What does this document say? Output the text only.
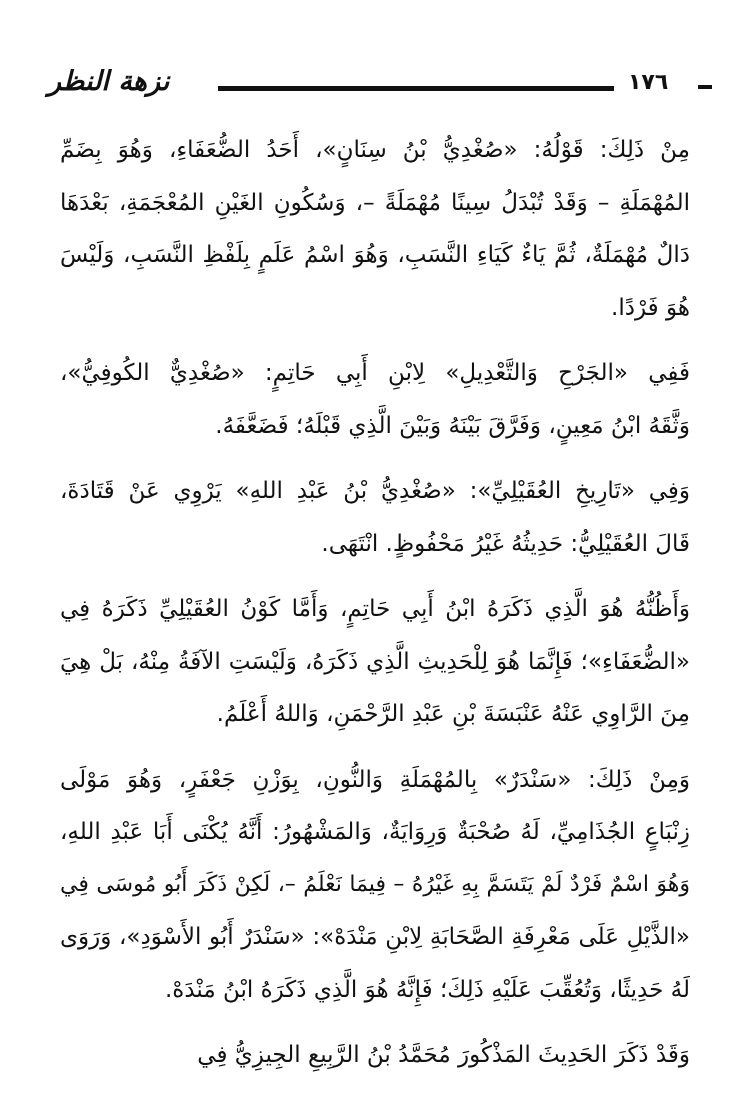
نزهة النظر	١٧٦
مِنْ ذَلِكَ: قَوْلُهُ: «صُغْدِيُّ بْنُ سِنَانٍ»، أَحَدُ الضُّعَفَاءِ، وَهُوَ بِضَمِّ
المُهْمَلَةِ – وَقَدْ تُبْدَلُ سِينًا مُهْمَلَةً –، وَسُكُونِ الغَيْنِ المُعْجَمَةِ، بَعْدَهَا
دَالٌ مُهْمَلَةٌ، ثُمَّ يَاءٌ كَيَاءِ النَّسَبِ، وَهُوَ اسْمُ عَلَمٍ بِلَفْظِ النَّسَبِ، وَلَيْسَ
هُوَ فَرْدًا.
فَفِي «الجَرْحِ وَالتَّعْدِيلِ» لِابْنِ أَبِي حَاتِمٍ: «صُغْدِيٌّ الكُوفِيُّ»،
وَثَّقَهُ ابْنُ مَعِينٍ، وَفَرَّقَ بَيْنَهُ وَبَيْنَ الَّذِي قَبْلَهُ؛ فَضَعَّفَهُ.
وَفِي «تَارِيخِ العُقَيْلِيِّ»: «صُغْدِيُّ بْنُ عَبْدِ اللهِ» يَرْوِي عَنْ قَتَادَةَ،
قَالَ العُقَيْلِيُّ: حَدِيثُهُ غَيْرُ مَحْفُوظٍ. انْتَهَى.
وَأَظُنُّهُ هُوَ الَّذِي ذَكَرَهُ ابْنُ أَبِي حَاتِمٍ، وَأَمَّا كَوْنُ العُقَيْلِيِّ ذَكَرَهُ فِي
«الضُّعَفَاءِ»؛ فَإِنَّمَا هُوَ لِلْحَدِيثِ الَّذِي ذَكَرَهُ، وَلَيْسَتِ الآفَةُ مِنْهُ، بَلْ هِيَ
مِنَ الرَّاوِي عَنْهُ عَنْبَسَةَ بْنِ عَبْدِ الرَّحْمَنِ، وَاللهُ أَعْلَمُ.
وَمِنْ ذَلِكَ: «سَنْدَرٌ» بِالمُهْمَلَةِ وَالنُّونِ، بِوَزْنِ جَعْفَرٍ، وَهُوَ مَوْلَى
زِنْبَاعٍ الجُذَامِيِّ، لَهُ صُحْبَةٌ وَرِوَايَةٌ، وَالمَشْهُورُ: أَنَّهُ يُكْنَى أَبَا عَبْدِ اللهِ،
وَهُوَ اسْمٌ فَرْدٌ لَمْ يَتَسَمَّ بِهِ غَيْرُهُ – فِيمَا نَعْلَمُ –، لَكِنْ ذَكَرَ أَبُو مُوسَى فِي
«الذَّيْلِ عَلَى مَعْرِفَةِ الصَّحَابَةِ لِابْنِ مَنْدَهْ»: «سَنْدَرٌ أَبُو الأَسْوَدِ»، وَرَوَى
لَهُ حَدِيثًا، وَتُعُقِّبَ عَلَيْهِ ذَلِكَ؛ فَإِنَّهُ هُوَ الَّذِي ذَكَرَهُ ابْنُ مَنْدَهْ.
وَقَدْ ذَكَرَ الحَدِيثَ المَذْكُورَ مُحَمَّدُ بْنُ الرَّبِيعِ الجِيزِيُّ فِي
